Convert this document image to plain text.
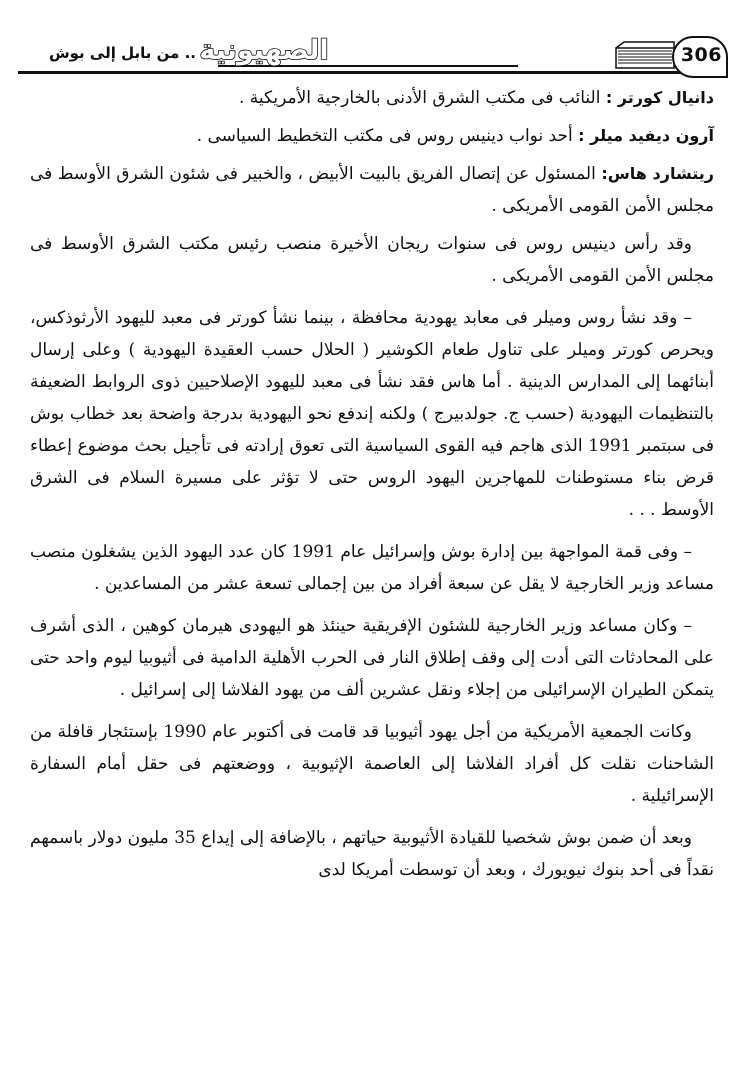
.. من بابل إلى بوش الصهيونية	306

دانيال كورتر : النائب فى مكتب الشرق الأدنى بالخارجية الأمريكية .

آرون ديفيد ميلر : أحد نواب دينيس روس فى مكتب التخطيط السياسى .

ريتشارد هاس: المسئول عن إتصال الفريق بالبيت الأبيض ، والخبير فى شئون الشرق الأوسط فى مجلس الأمن القومى الأمريكى .

وقد رأس دينيس روس فى سنوات ريجان الأخيرة منصب رئيس مكتب الشرق الأوسط فى مجلس الأمن القومى الأمريكى .

– وقد نشأ روس وميلر فى معابد يهودية محافظة ، بينما نشأ كورتر فى معبد لليهود الأرثوذكس، ويحرص كورتر وميلر على تناول طعام الكوشير ( الحلال حسب العقيدة اليهودية ) وعلى إرسال أبنائهما إلى المدارس الدينية . أما هاس فقد نشأ فى معبد لليهود الإصلاحيين ذوى الروابط الضعيفة بالتنظيمات اليهودية (حسب ج. جولدبيرج ) ولكنه إندفع نحو اليهودية بدرجة واضحة بعد خطاب بوش فى سبتمبر 1991 الذى هاجم فيه القوى السياسية التى تعوق إرادته فى تأجيل بحث موضوع إعطاء قرض بناء مستوطنات للمهاجرين اليهود الروس حتى لا تؤثر على مسيرة السلام فى الشرق الأوسط . . .

– وفى قمة المواجهة بين إدارة بوش وإسرائيل عام 1991 كان عدد اليهود الذين يشغلون منصب مساعد وزير الخارجية لا يقل عن سبعة أفراد من بين إجمالى تسعة عشر من المساعدين .

– وكان مساعد وزير الخارجية للشئون الإفريقية حينئذ هو اليهودى هيرمان كوهين ، الذى أشرف على المحادثات التى أدت إلى وقف إطلاق النار فى الحرب الأهلية الدامية فى أثيوبيا ليوم واحد حتى يتمكن الطيران الإسرائيلى من إجلاء ونقل عشرين ألف من يهود الفلاشا إلى إسرائيل .

وكانت الجمعية الأمريكية من أجل يهود أثيوبيا قد قامت فى أكتوبر عام 1990 بإستئجار قافلة من الشاحنات نقلت كل أفراد الفلاشا إلى العاصمة الإثيوبية ، ووضعتهم فى حقل أمام السفارة الإسرائيلية .

وبعد أن ضمن بوش شخصيا للقيادة الأثيوبية حياتهم ، بالإضافة إلى إيداع 35 مليون دولار باسمهم نقداً فى أحد بنوك نيويورك ، وبعد أن توسطت أمريكا لدى
